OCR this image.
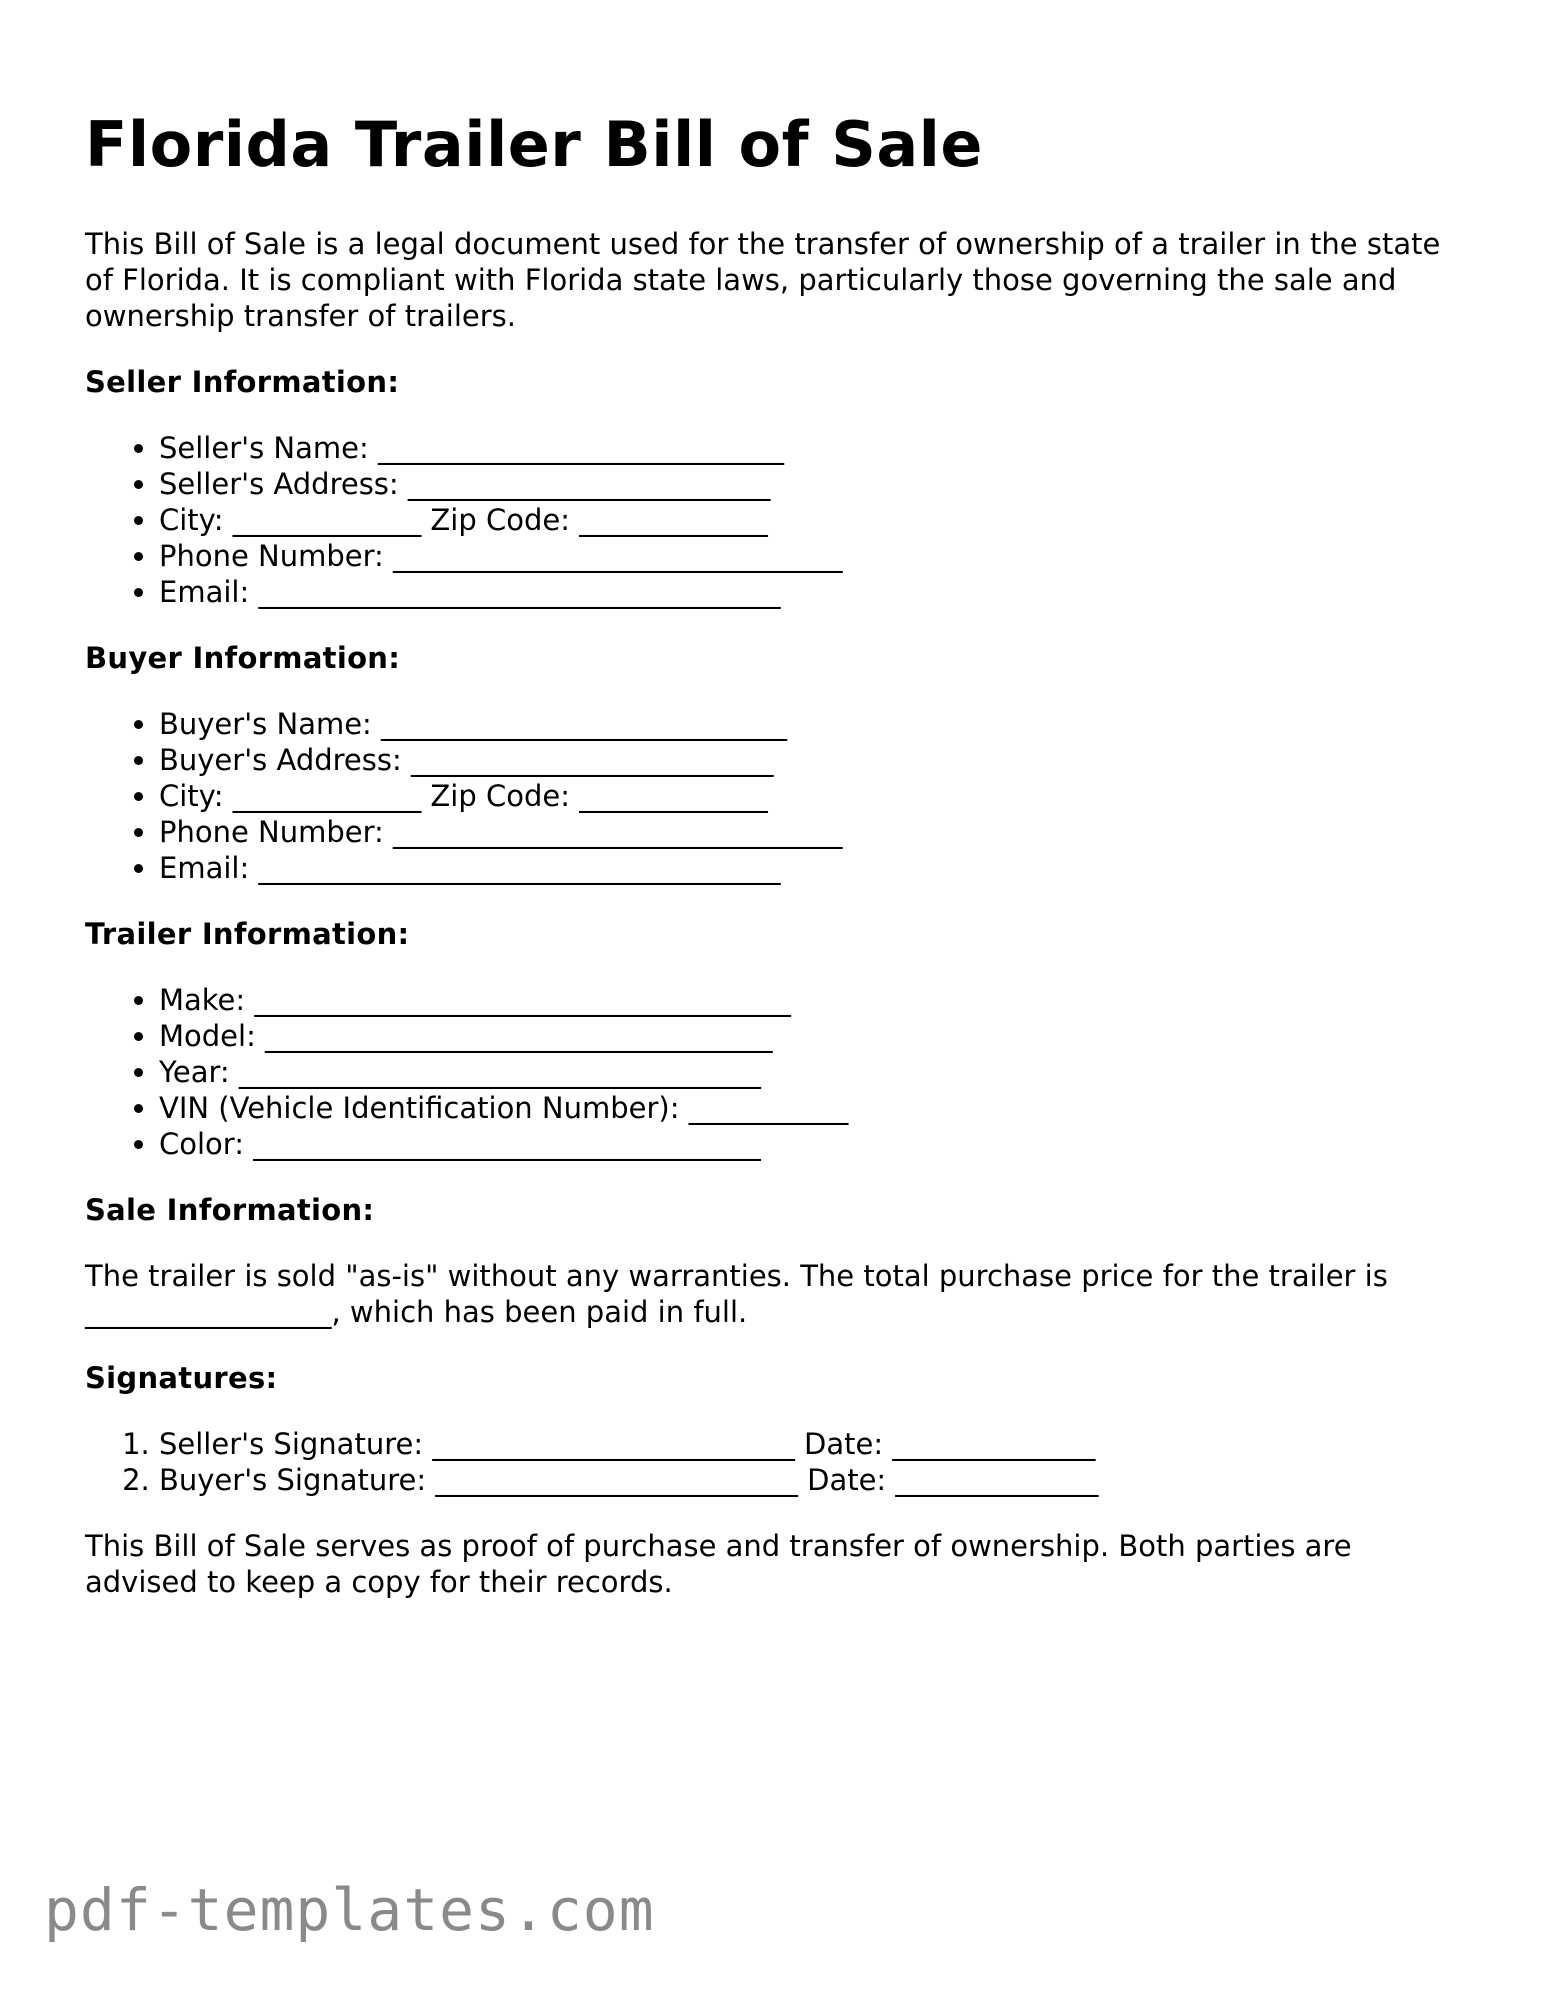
Florida Trailer Bill of Sale

This Bill of Sale is a legal document used for the transfer of ownership of a trailer in the state of Florida. It is compliant with Florida state laws, particularly those governing the sale and ownership transfer of trailers.

Seller Information:
• Seller's Name: ____________________________
• Seller's Address: _________________________
• City: _____________ Zip Code: _____________
• Phone Number: _______________________________
• Email: ____________________________________
Buyer Information:
• Buyer's Name: ____________________________
• Buyer's Address: _________________________
• City: _____________ Zip Code: _____________
• Phone Number: _______________________________
• Email: ____________________________________
Trailer Information:
• Make: _____________________________________
• Model: ___________________________________
• Year: ____________________________________
• VIN (Vehicle Identification Number): ___________
• Color: ___________________________________
Sale Information:

The trailer is sold "as-is" without any warranties. The total purchase price for the trailer is _________________, which has been paid in full.

Signatures:
1. Seller's Signature: _________________________ Date: ______________
2. Buyer's Signature: _________________________ Date: ______________

This Bill of Sale serves as proof of purchase and transfer of ownership. Both parties are advised to keep a copy for their records.

pdf-templates.com
